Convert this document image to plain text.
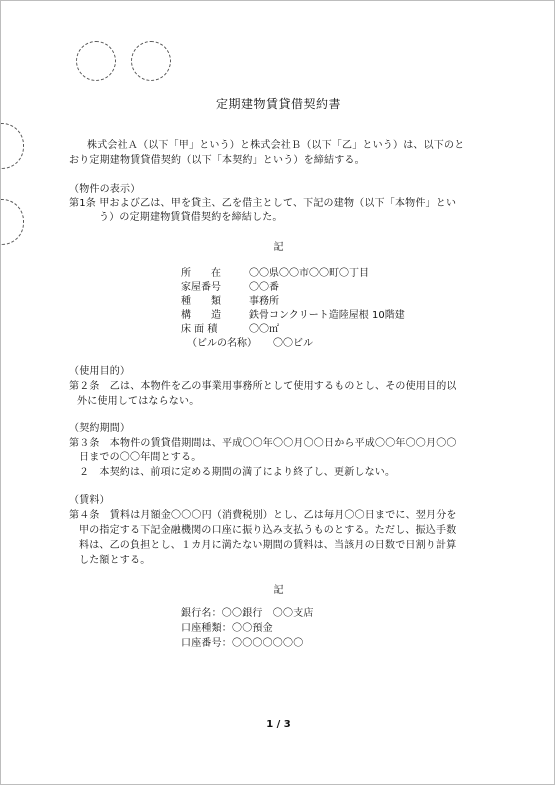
定期建物賃貸借契約書
株式会社Ａ（以下「甲」という）と株式会社Ｂ（以下「乙」という）は、以下のと
おり定期建物賃貸借契約（以下「本契約」という）を締結する。
（物件の表示）
第1条 甲および乙は、甲を貸主、乙を借主として、下記の建物（以下「本物件」とい
う）の定期建物賃貸借契約を締結した。
記
所　　在	〇〇県〇〇市〇〇町〇丁目
家屋番号	〇〇番
種　　類	事務所
構　　造	鉄骨コンクリート造陸屋根 10階建
床 面 積	〇〇㎡
（ビルの名称） 〇〇ビル
（使用目的）
第２条　乙は、本物件を乙の事業用事務所として使用するものとし、その使用目的以
外に使用してはならない。
（契約期間）
第３条　本物件の賃貸借期間は、平成〇〇年〇〇月〇〇日から平成〇〇年〇〇月〇〇
日までの〇〇年間とする。
２　本契約は、前項に定める期間の満了により終了し、更新しない。
（賃料）
第４条　賃料は月額金〇〇〇円（消費税別）とし、乙は毎月〇〇日までに、翌月分を
甲の指定する下記金融機関の口座に振り込み支払うものとする。ただし、振込手数
料は、乙の負担とし、１カ月に満たない期間の賃料は、当該月の日数で日割り計算
した額とする。
記
銀行名：〇〇銀行　〇〇支店
口座種類：〇〇預金
口座番号：〇〇〇〇〇〇〇
1 / 3
